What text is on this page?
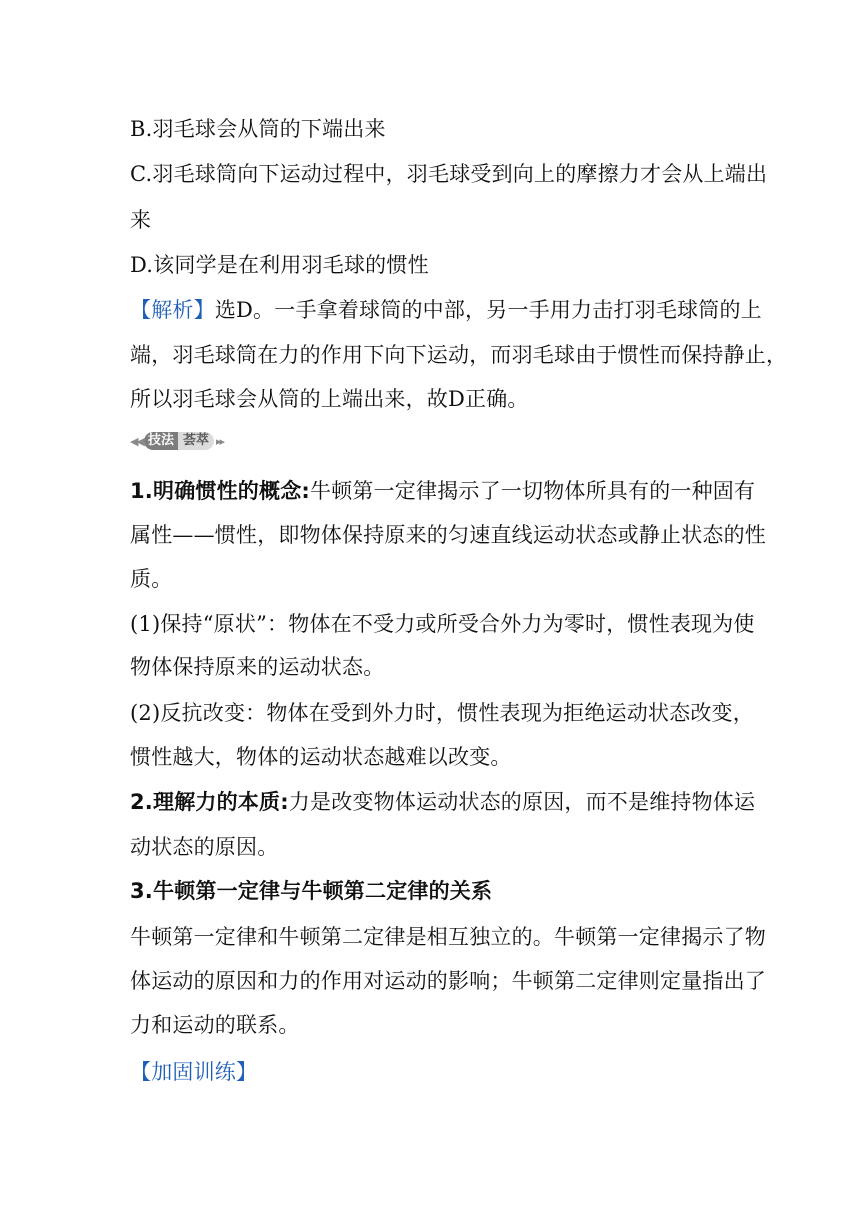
B.羽毛球会从筒的下端出来
C.羽毛球筒向下运动过程中，羽毛球受到向上的摩擦力才会从上端出
来
D.该同学是在利用羽毛球的惯性
【解析】选D。一手拿着球筒的中部，另一手用力击打羽毛球筒的上
端，羽毛球筒在力的作用下向下运动，而羽毛球由于惯性而保持静止，
所以羽毛球会从筒的上端出来，故D正确。
◀◀ 技法 荟萃 ▸▸
1.明确惯性的概念:牛顿第一定律揭示了一切物体所具有的一种固有
属性——惯性，即物体保持原来的匀速直线运动状态或静止状态的性
质。
(1)保持“原状”：物体在不受力或所受合外力为零时，惯性表现为使
物体保持原来的运动状态。
(2)反抗改变：物体在受到外力时，惯性表现为拒绝运动状态改变，
惯性越大，物体的运动状态越难以改变。
2.理解力的本质:力是改变物体运动状态的原因，而不是维持物体运
动状态的原因。
3.牛顿第一定律与牛顿第二定律的关系
牛顿第一定律和牛顿第二定律是相互独立的。牛顿第一定律揭示了物
体运动的原因和力的作用对运动的影响；牛顿第二定律则定量指出了
力和运动的联系。
【加固训练】
